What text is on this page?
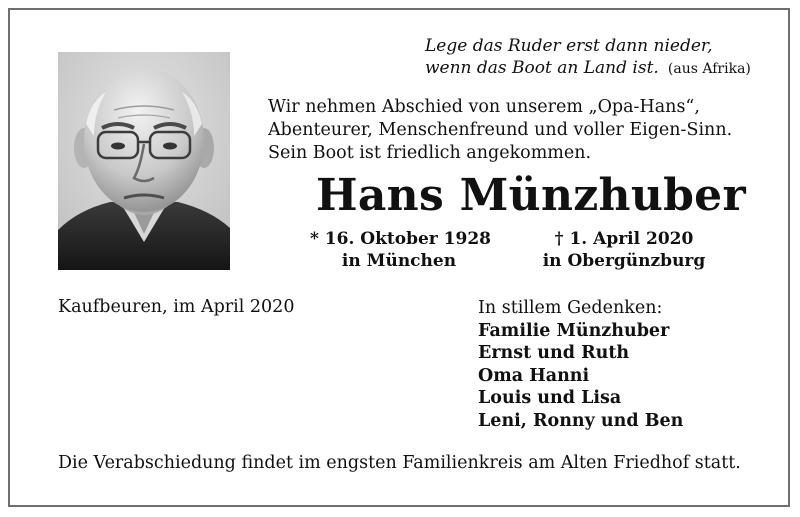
Lege das Ruder erst dann nieder,
wenn das Boot an Land ist. (aus Afrika)
Wir nehmen Abschied von unserem „Opa-Hans“,
Abenteurer, Menschenfreund und voller Eigen-Sinn.
Sein Boot ist friedlich angekommen.
Hans Münzhuber
* 16. Oktober 1928
in München
† 1. April 2020
in Obergünzburg
Kaufbeuren, im April 2020	In stillem Gedenken:
Familie Münzhuber
Ernst und Ruth
Oma Hanni
Louis und Lisa
Leni, Ronny und Ben
Die Verabschiedung findet im engsten Familienkreis am Alten Friedhof statt.
